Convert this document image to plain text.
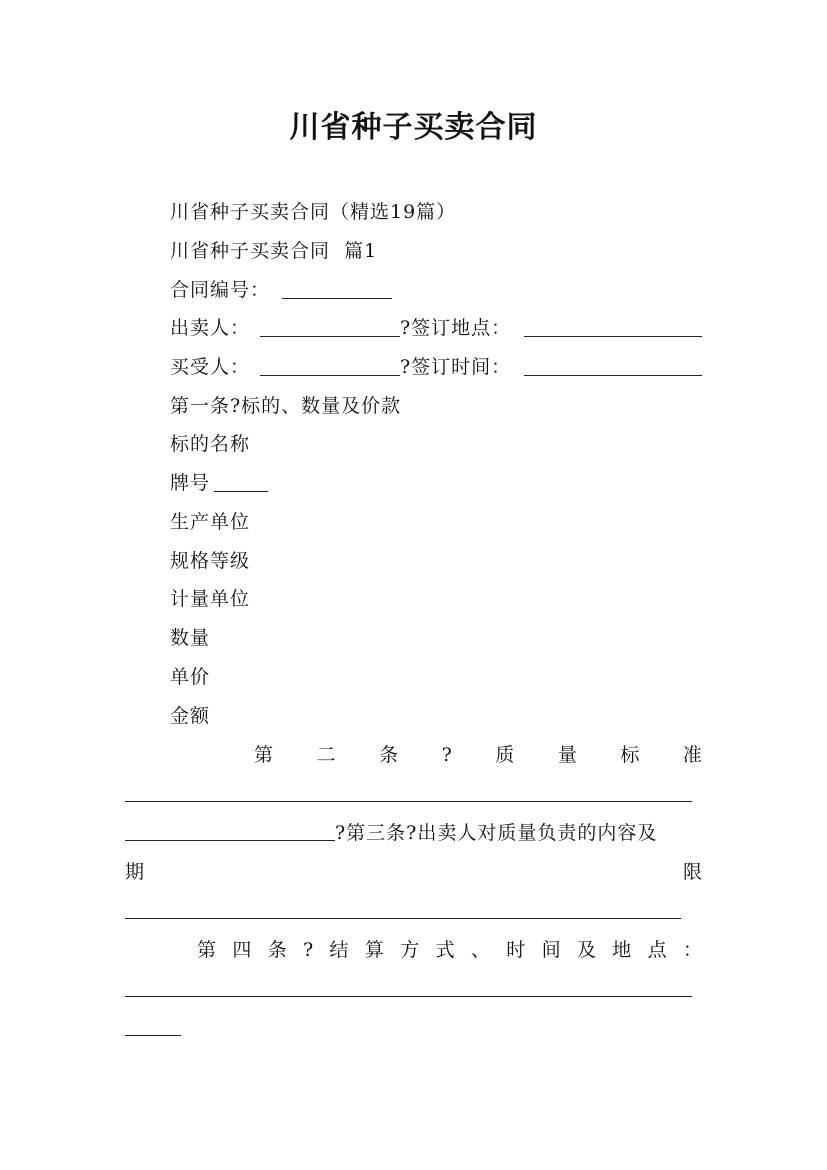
川省种子买卖合同
川省种子买卖合同（精选19篇）
川省种子买卖合同  篇1
合同编号：
出卖人：	?签订地点：
买受人：	?签订时间：
第一条?标的、数量及价款
标的名称
牌号
生产单位
规格等级
计量单位
数量
单价
金额
第 二 条 ? 质 量 标 准
?第三条?出卖人对质量负责的内容及
期	限
第 四 条 ? 结 算 方 式 、 时 间 及 地 点 ：
